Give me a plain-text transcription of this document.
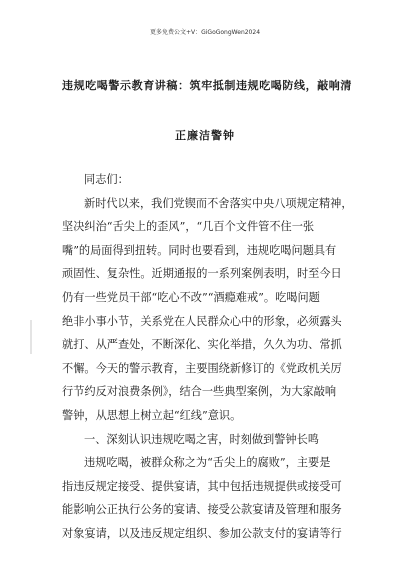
更多免费公文+V：GiGoGongWen2024
违规吃喝警示教育讲稿：筑牢抵制违规吃喝防线，敲响清
正廉洁警钟
同志们：
新时代以来，我们党锲而不舍落实中央八项规定精神，
坚决纠治“舌尖上的歪风”，“几百个文件管不住一张
嘴”的局面得到扭转。同时也要看到，违规吃喝问题具有
顽固性、复杂性。近期通报的一系列案例表明，时至今日
仍有一些党员干部“吃心不改”“酒瘾难戒”。吃喝问题
绝非小事小节，关系党在人民群众心中的形象，必须露头
就打、从严查处，不断深化、实化举措，久久为功、常抓
不懈。今天的警示教育，主要围绕新修订的《党政机关厉
行节约反对浪费条例》，结合一些典型案例，为大家敲响
警钟，从思想上树立起“红线”意识。
一、深刻认识违规吃喝之害，时刻做到警钟长鸣
违规吃喝，被群众称之为“舌尖上的腐败”，主要是
指违反规定接受、提供宴请，其中包括违规提供或接受可
能影响公正执行公务的宴请、接受公款宴请及管理和服务
对象宴请，以及违反规定组织、参加公款支付的宴请等行
